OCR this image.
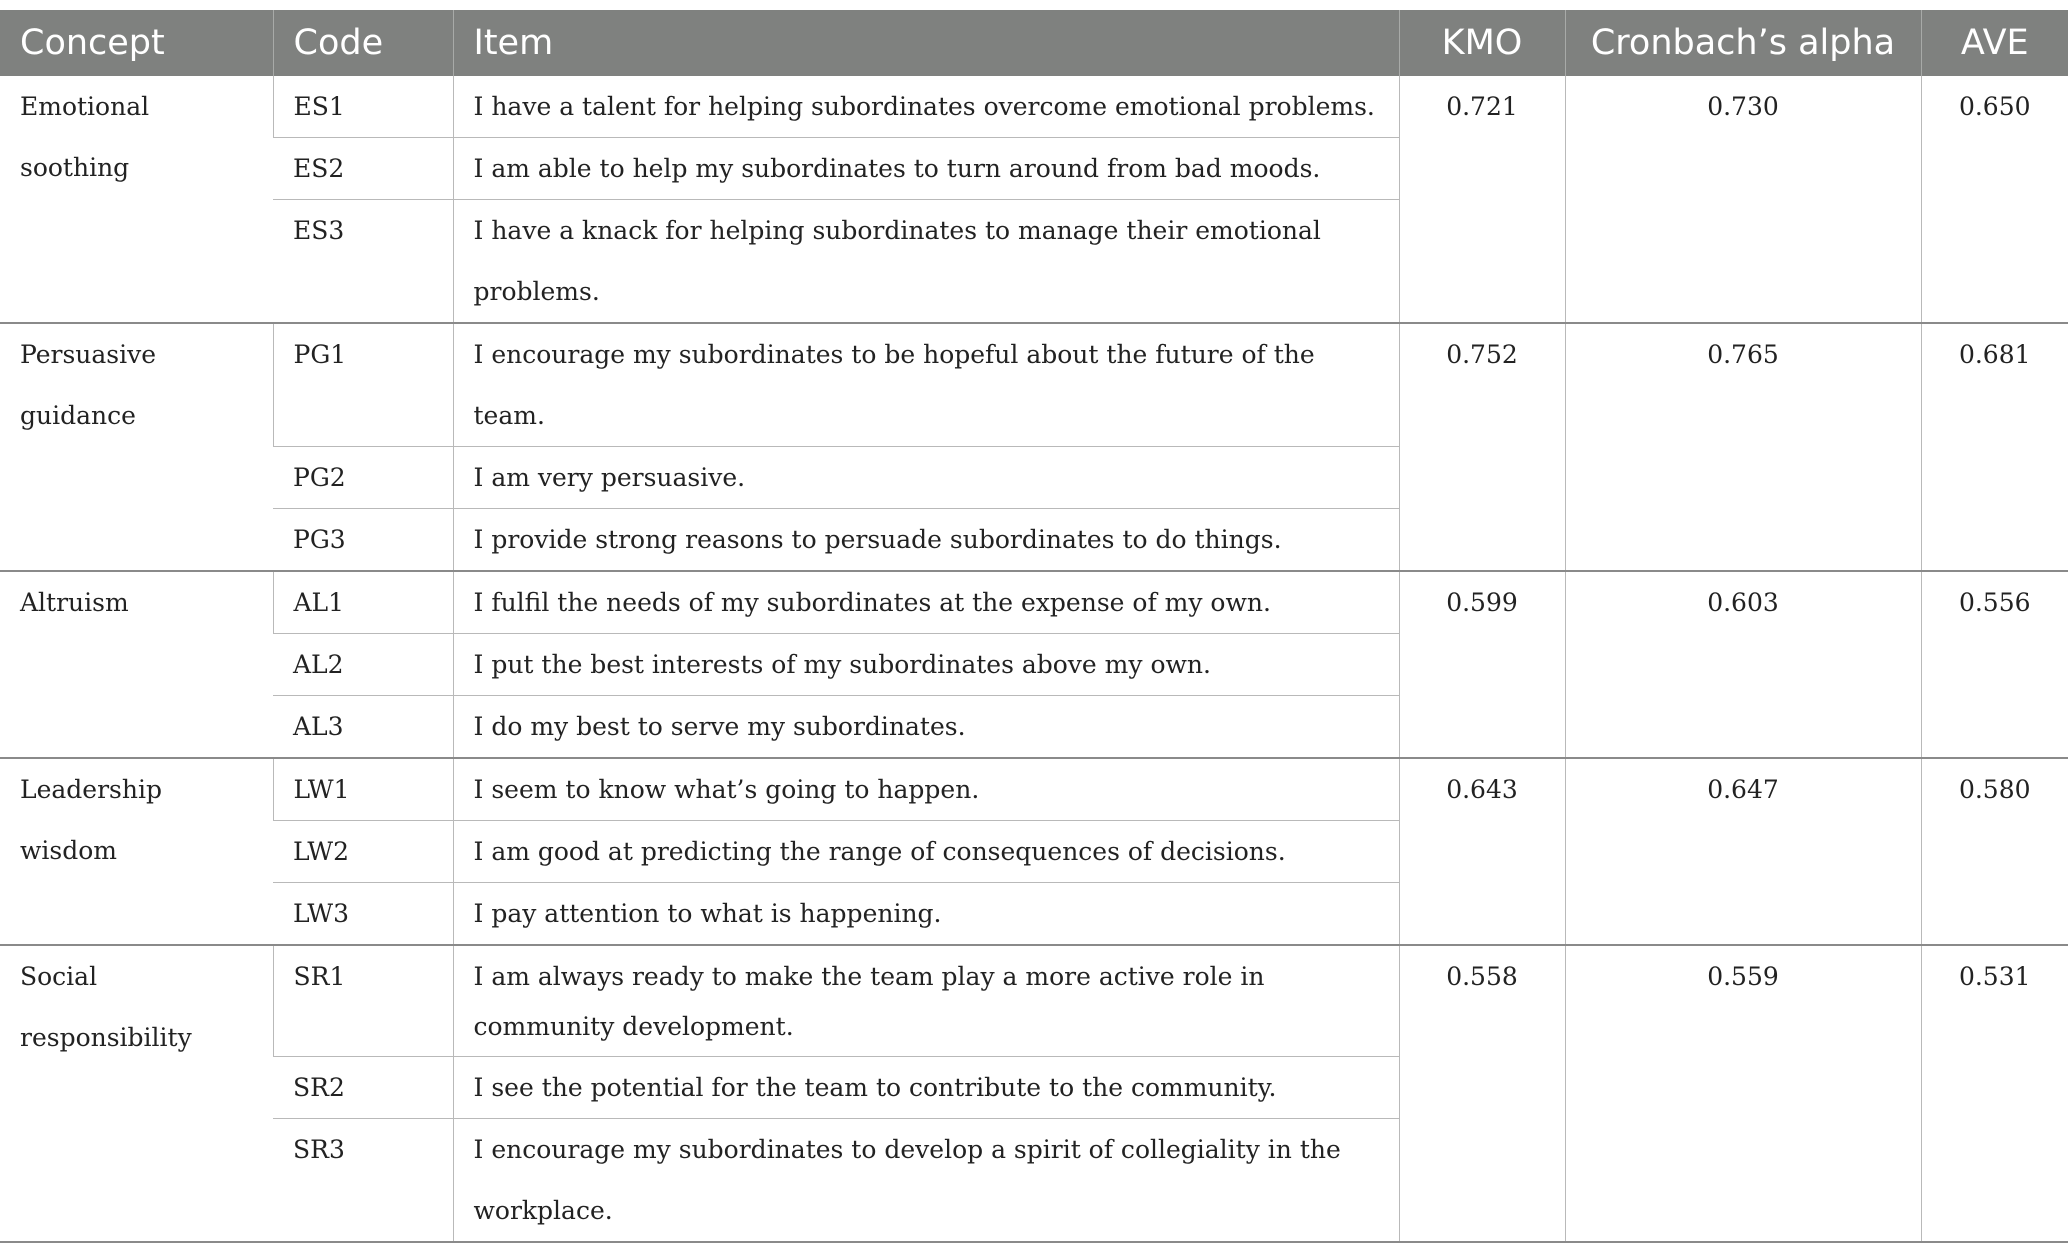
Concept	Code	Item	KMO	Cronbach’s alpha	AVE
Emotional soothing	ES1	I have a talent for helping subordinates overcome emotional problems.	0.721	0.730	0.650
	ES2	I am able to help my subordinates to turn around from bad moods.			
	ES3	I have a knack for helping subordinates to manage their emotional problems.			
Persuasive guidance	PG1	I encourage my subordinates to be hopeful about the future of the team.	0.752	0.765	0.681
	PG2	I am very persuasive.			
	PG3	I provide strong reasons to persuade subordinates to do things.			
Altruism	AL1	I fulfil the needs of my subordinates at the expense of my own.	0.599	0.603	0.556
	AL2	I put the best interests of my subordinates above my own.			
	AL3	I do my best to serve my subordinates.			
Leadership wisdom	LW1	I seem to know what’s going to happen.	0.643	0.647	0.580
	LW2	I am good at predicting the range of consequences of decisions.			
	LW3	I pay attention to what is happening.			
Social responsibility	SR1	I am always ready to make the team play a more active role in community development.	0.558	0.559	0.531
	SR2	I see the potential for the team to contribute to the community.			
	SR3	I encourage my subordinates to develop a spirit of collegiality in the workplace.			
